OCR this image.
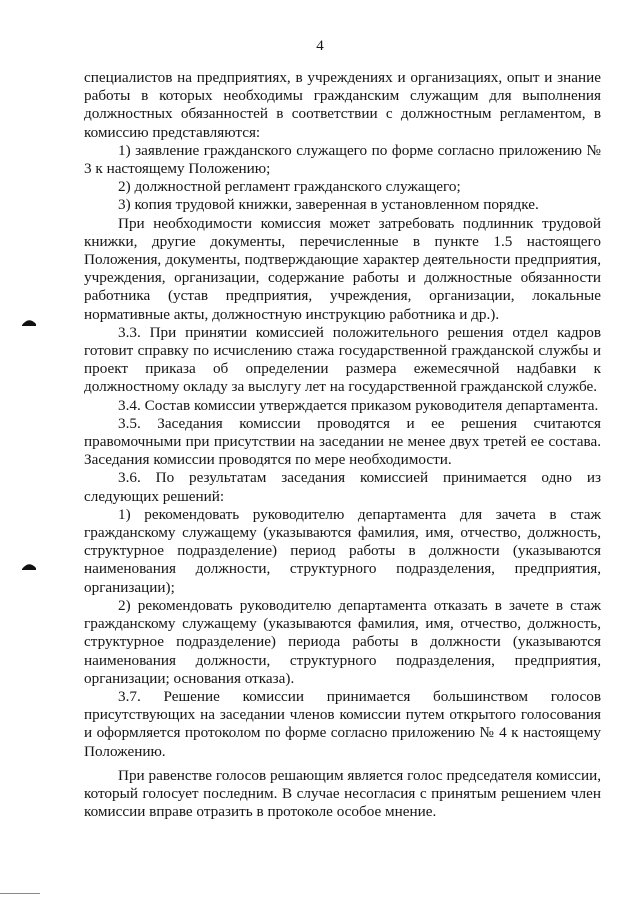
4

специалистов на предприятиях, в учреждениях и организациях, опыт и знание работы в которых необходимы гражданским служащим для выполнения должностных обязанностей в соответствии с должностным регламентом, в комиссию представляются:

1) заявление гражданского служащего по форме согласно приложению № 3 к настоящему Положению;

2) должностной регламент гражданского служащего;

3) копия трудовой книжки, заверенная в установленном порядке.

При необходимости комиссия может затребовать подлинник трудовой книжки, другие документы, перечисленные в пункте 1.5 настоящего Положения, документы, подтверждающие характер деятельности предприятия, учреждения, организации, содержание работы и должностные обязанности работника (устав предприятия, учреждения, организации, локальные нормативные акты, должностную инструкцию работника и др.).

3.3. При принятии комиссией положительного решения отдел кадров готовит справку по исчислению стажа государственной гражданской службы и проект приказа об определении размера ежемесячной надбавки к должностному окладу за выслугу лет на государственной гражданской службе.

3.4. Состав комиссии утверждается приказом руководителя департамента.

3.5. Заседания комиссии проводятся и ее решения считаются правомочными при присутствии на заседании не менее двух третей ее состава. Заседания комиссии проводятся по мере необходимости.

3.6. По результатам заседания комиссией принимается одно из следующих решений:

1) рекомендовать руководителю департамента для зачета в стаж гражданскому служащему (указываются фамилия, имя, отчество, должность, структурное подразделение) период работы в должности (указываются наименования должности, структурного подразделения, предприятия, организации);

2) рекомендовать руководителю департамента отказать в зачете в стаж гражданскому служащему (указываются фамилия, имя, отчество, должность, структурное подразделение) периода работы в должности (указываются наименования должности, структурного подразделения, предприятия, организации; основания отказа).

3.7. Решение комиссии принимается большинством голосов присутствующих на заседании членов комиссии путем открытого голосования и оформляется протоколом по форме согласно приложению № 4 к настоящему Положению.

При равенстве голосов решающим является голос председателя комиссии, который голосует последним. В случае несогласия с принятым решением член комиссии вправе отразить в протоколе особое мнение.
